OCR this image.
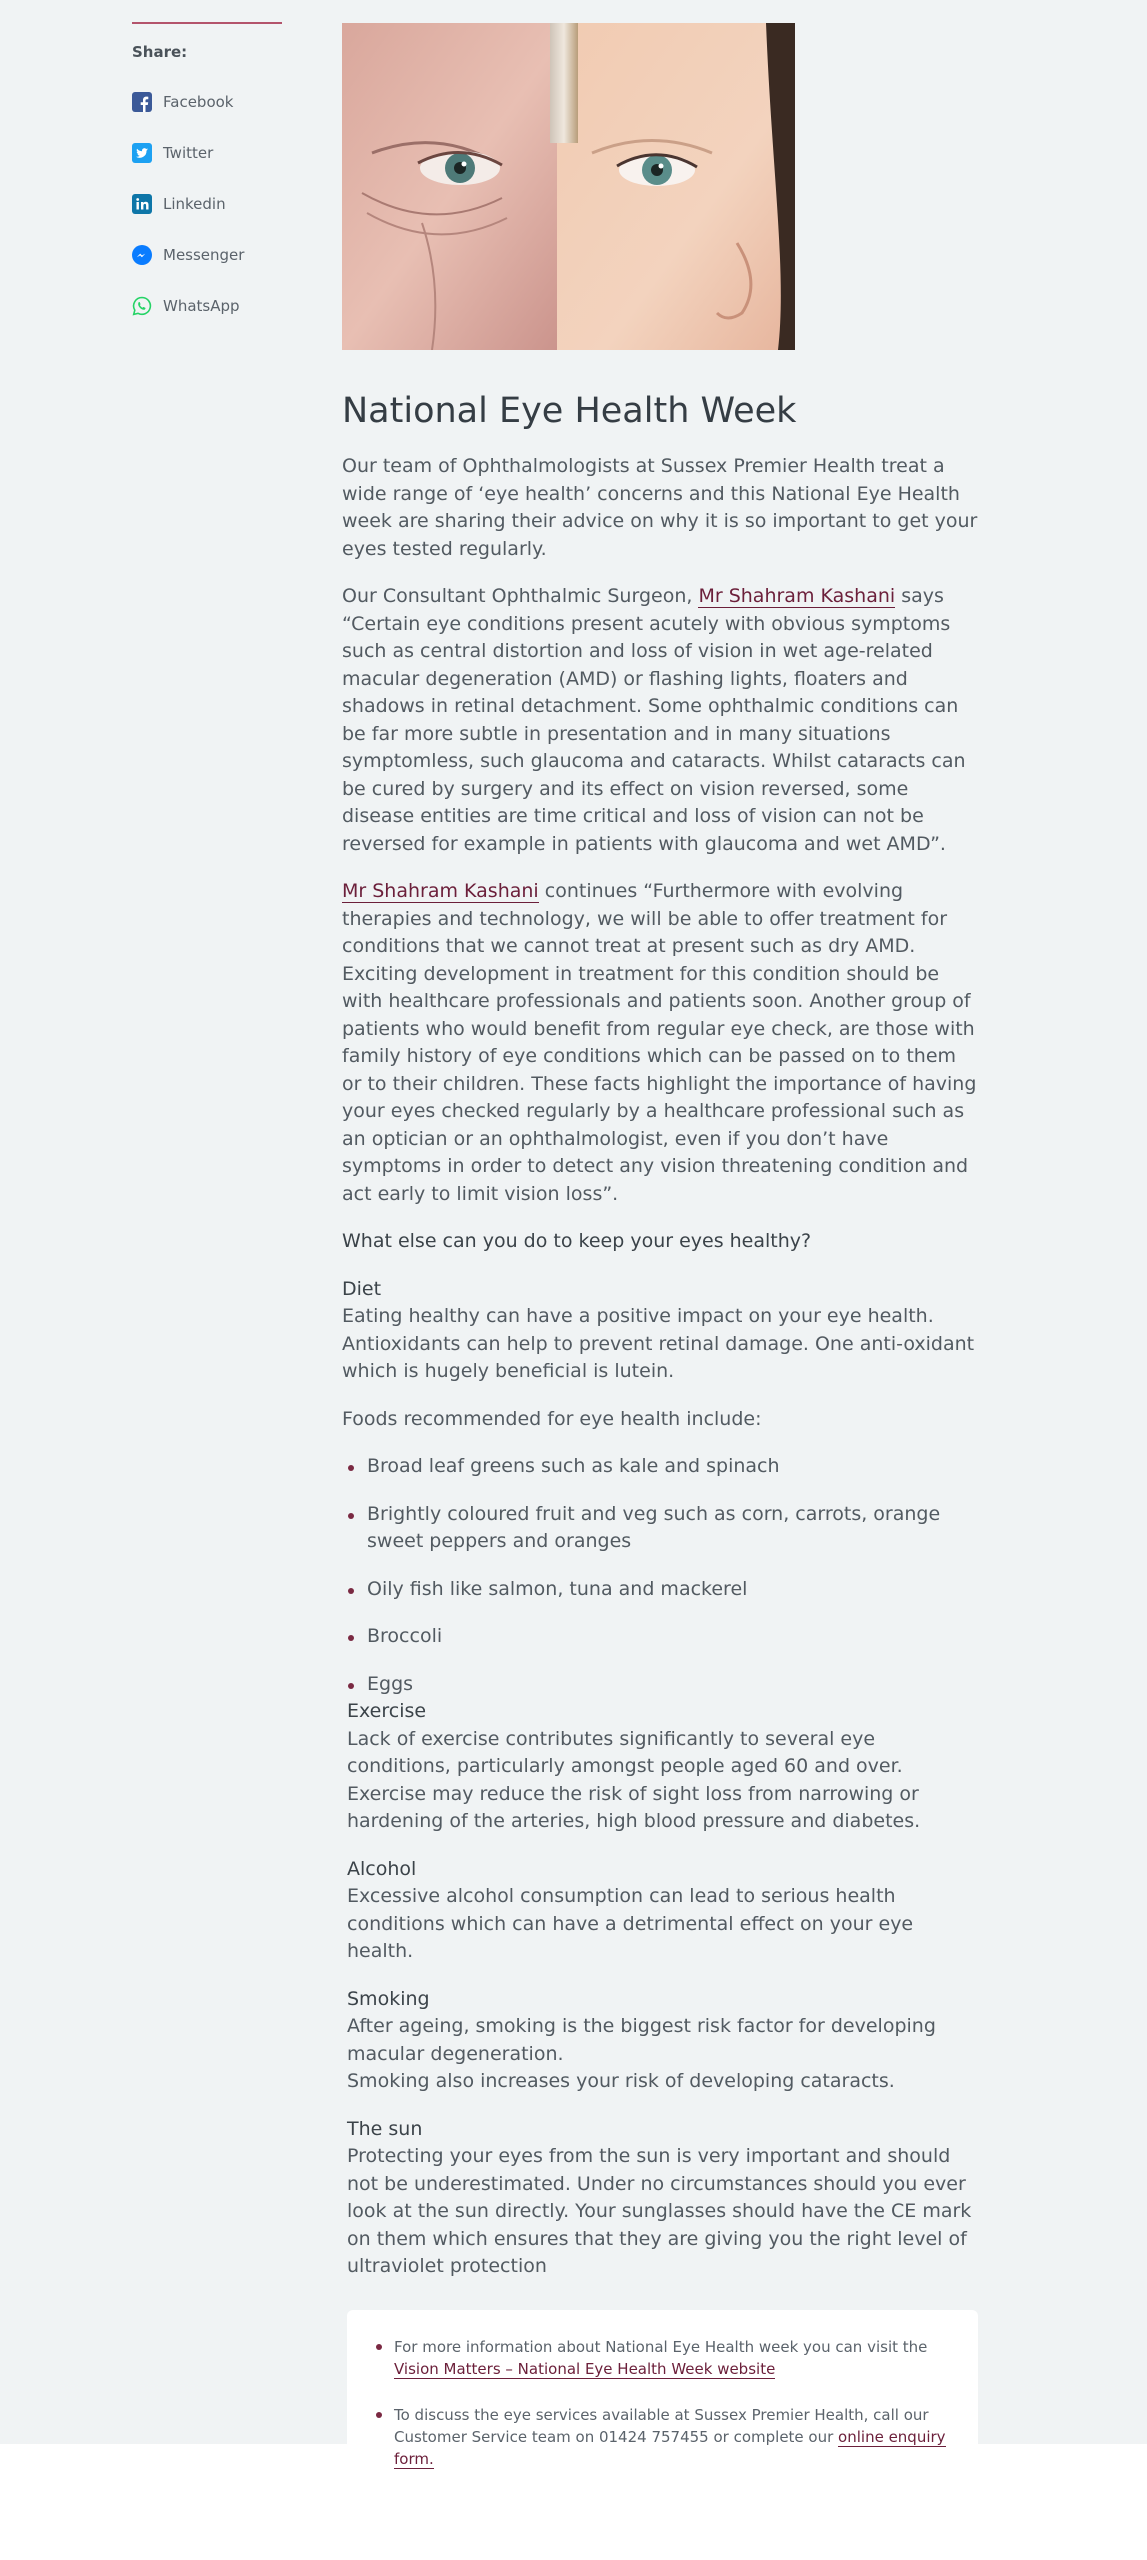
Share:
Facebook
Twitter
Linkedin
Messenger
WhatsApp
National Eye Health Week

Our team of Ophthalmologists at Sussex Premier Health treat a wide range of ‘eye health’ concerns and this National Eye Health week are sharing their advice on why it is so important to get your eyes tested regularly.

Our Consultant Ophthalmic Surgeon, Mr Shahram Kashani says “Certain eye conditions present acutely with obvious symptoms such as central distortion and loss of vision in wet age-related macular degeneration (AMD) or flashing lights, floaters and shadows in retinal detachment. Some ophthalmic conditions can be far more subtle in presentation and in many situations symptomless, such glaucoma and cataracts. Whilst cataracts can be cured by surgery and its effect on vision reversed, some disease entities are time critical and loss of vision can not be reversed for example in patients with glaucoma and wet AMD”.

Mr Shahram Kashani continues “Furthermore with evolving therapies and technology, we will be able to offer treatment for conditions that we cannot treat at present such as dry AMD. Exciting development in treatment for this condition should be with healthcare professionals and patients soon. Another group of patients who would benefit from regular eye check, are those with family history of eye conditions which can be passed on to them or to their children. These facts highlight the importance of having your eyes checked regularly by a healthcare professional such as an optician or an ophthalmologist, even if you don’t have symptoms in order to detect any vision threatening condition and act early to limit vision loss”.

What else can you do to keep your eyes healthy?
Diet

Eating healthy can have a positive impact on your eye health. Antioxidants can help to prevent retinal damage. One anti-oxidant which is hugely beneficial is lutein.

Foods recommended for eye health include:

Broad leaf greens such as kale and spinach
Brightly coloured fruit and veg such as corn, carrots, orange sweet peppers and oranges
Oily fish like salmon, tuna and mackerel
Broccoli
Eggs
Exercise

Lack of exercise contributes significantly to several eye conditions, particularly amongst people aged 60 and over. Exercise may reduce the risk of sight loss from narrowing or hardening of the arteries, high blood pressure and diabetes.

Alcohol

Excessive alcohol consumption can lead to serious health conditions which can have a detrimental effect on your eye health.

Smoking

After ageing, smoking is the biggest risk factor for developing macular degeneration.

Smoking also increases your risk of developing cataracts.

The sun

Protecting your eyes from the sun is very important and should not be underestimated. Under no circumstances should you ever look at the sun directly. Your sunglasses should have the CE mark on them which ensures that they are giving you the right level of ultraviolet protection

For more information about National Eye Health week you can visit the Vision Matters – National Eye Health Week website
To discuss the eye services available at Sussex Premier Health, call our Customer Service team on 01424 757455 or complete our online enquiry form.
